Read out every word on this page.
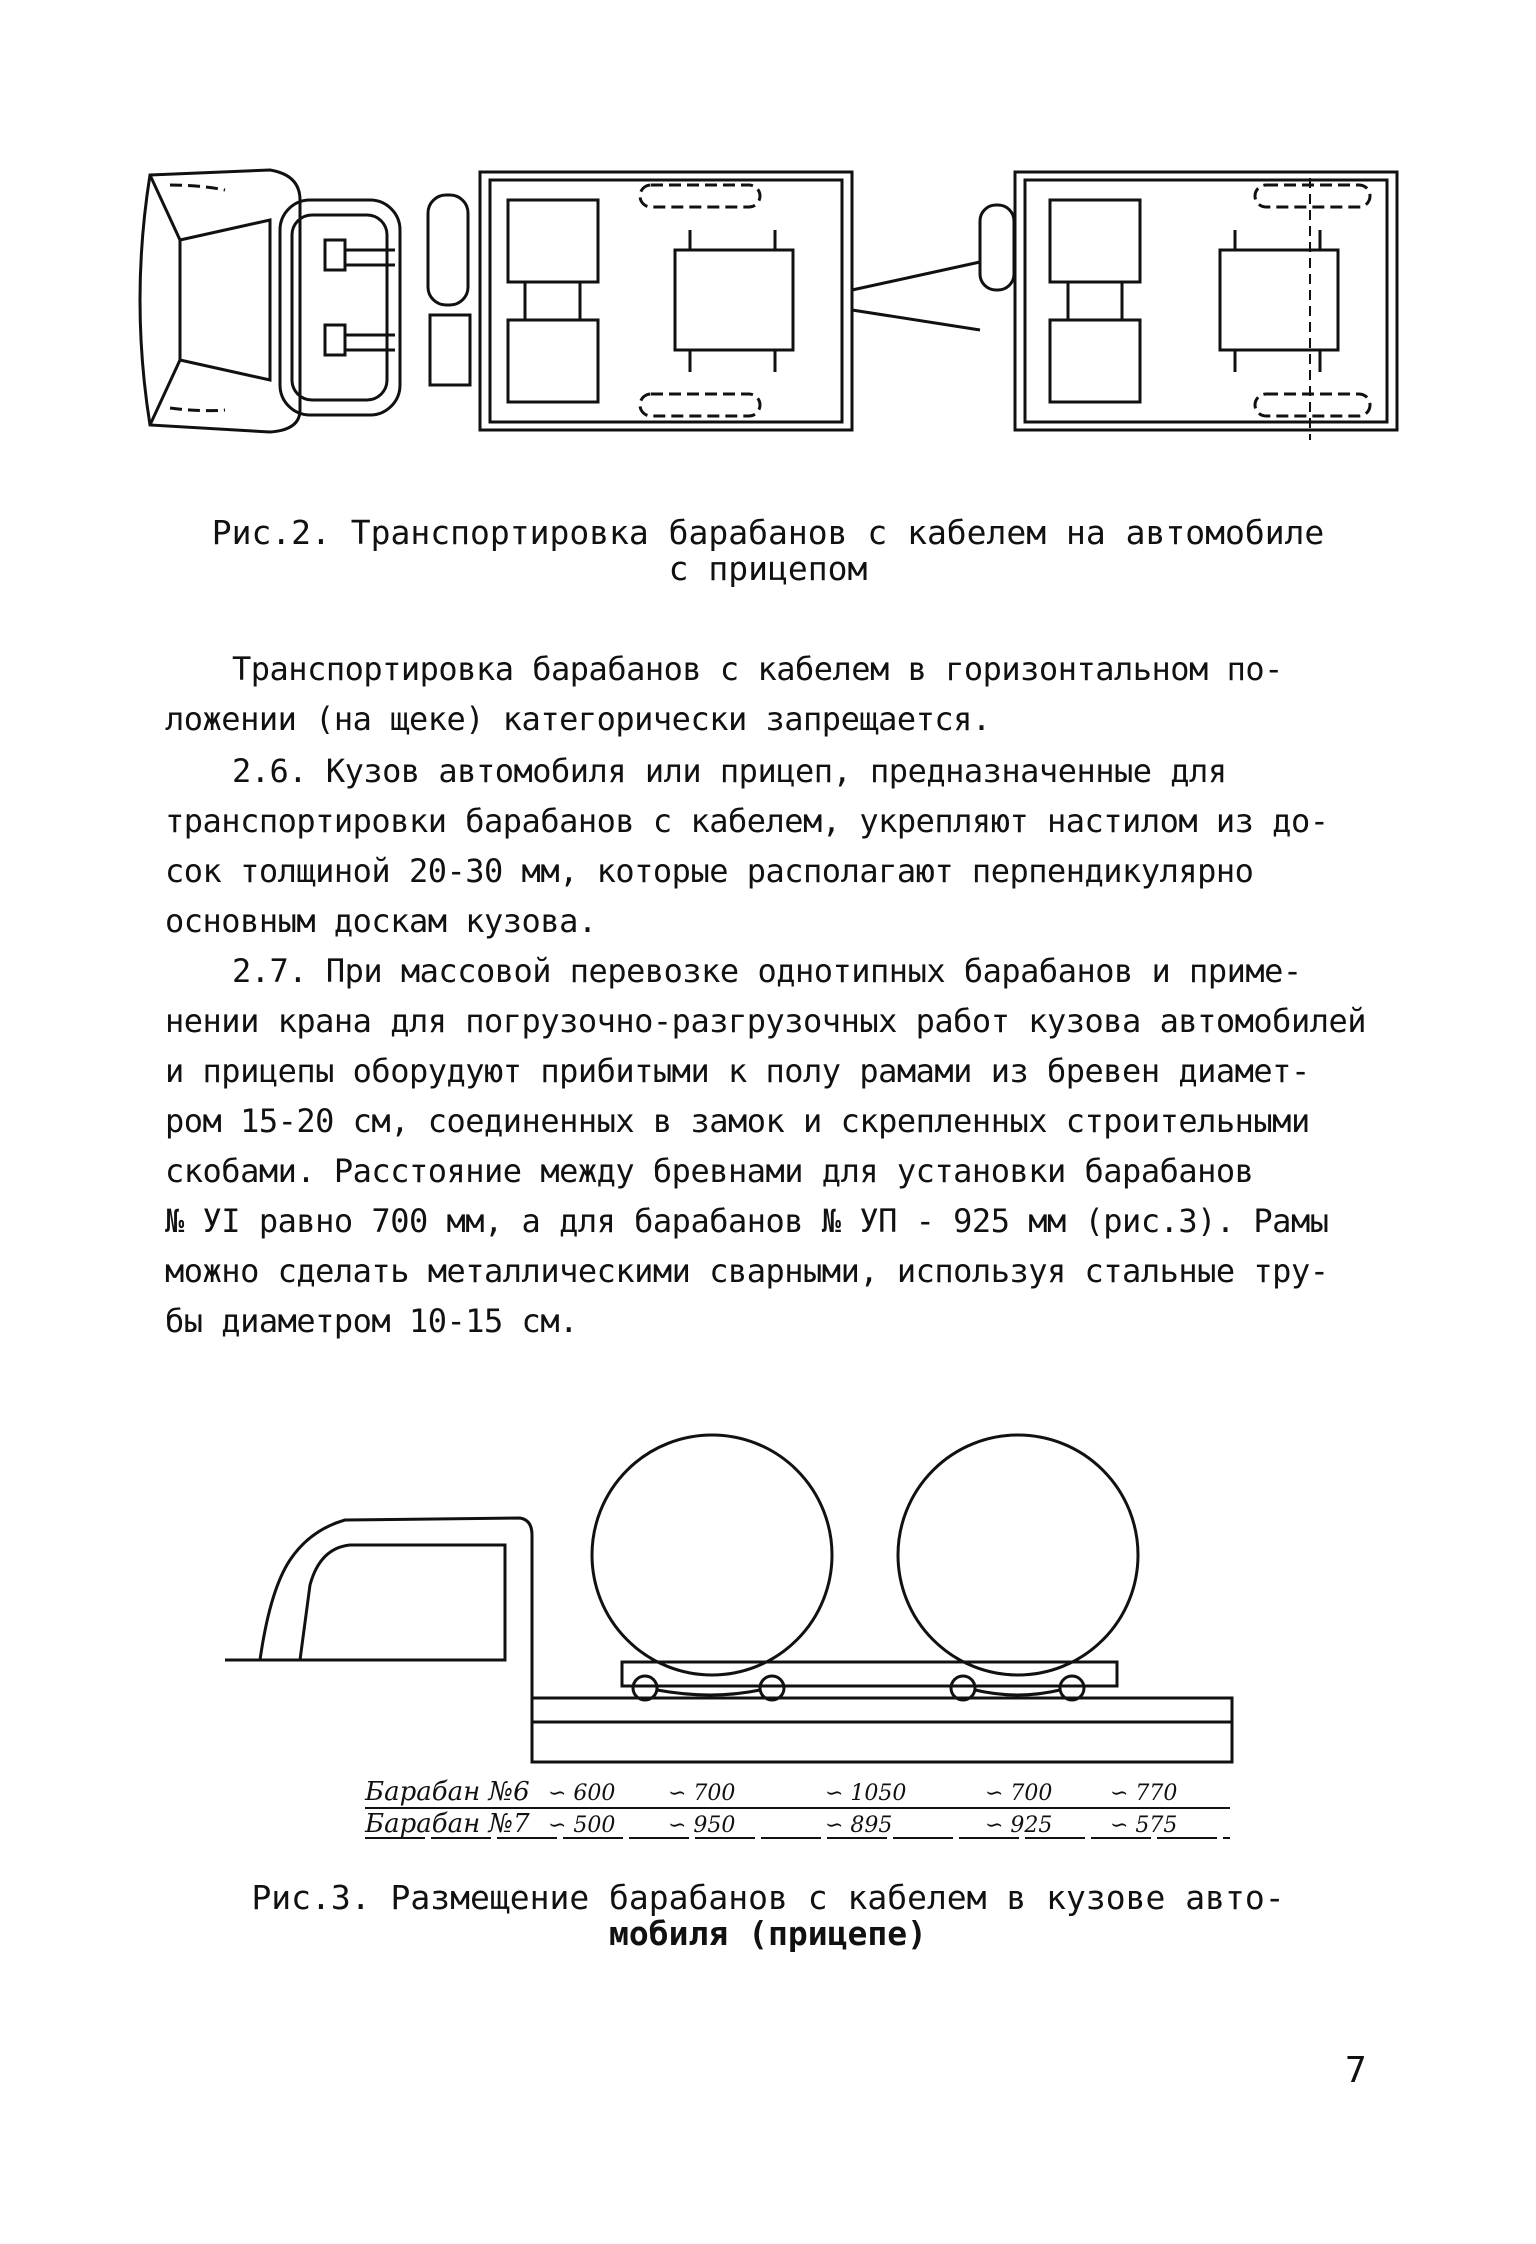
Рис.2. Транспортировка барабанов с кабелем на автомобиле
с прицепом
Транспортировка барабанов с кабелем в горизонтальном по-
ложении (на щеке) категорически запрещается.
2.6. Кузов автомобиля или прицеп, предназначенные для
транспортировки барабанов с кабелем, укрепляют настилом из до-
сок толщиной 20-30 мм, которые располагают перпендикулярно
основным доскам кузова.
2.7. При массовой перевозке однотипных барабанов и приме-
нении крана для погрузочно-разгрузочных работ кузова автомобилей
и прицепы оборудуют прибитыми к полу рамами из бревен диамет-
ром 15-20 см, соединенных в замок и скрепленных строительными
скобами. Расстояние между бревнами для установки барабанов
№ УI равно 700 мм, а для барабанов № УП - 925 мм (рис.3). Рамы
можно сделать металлическими сварными, используя стальные тру-
бы диаметром 10-15 см.
Барабан №6 ∽ 600 ∽ 700	∽ 1050	∽ 700	∽ 770
Барабан №7 ∽ 500 ∽ 950	∽ 895	∽ 925	∽ 575
Рис.3. Размещение барабанов с кабелем в кузове авто-
мобиля (прицепе)
7
